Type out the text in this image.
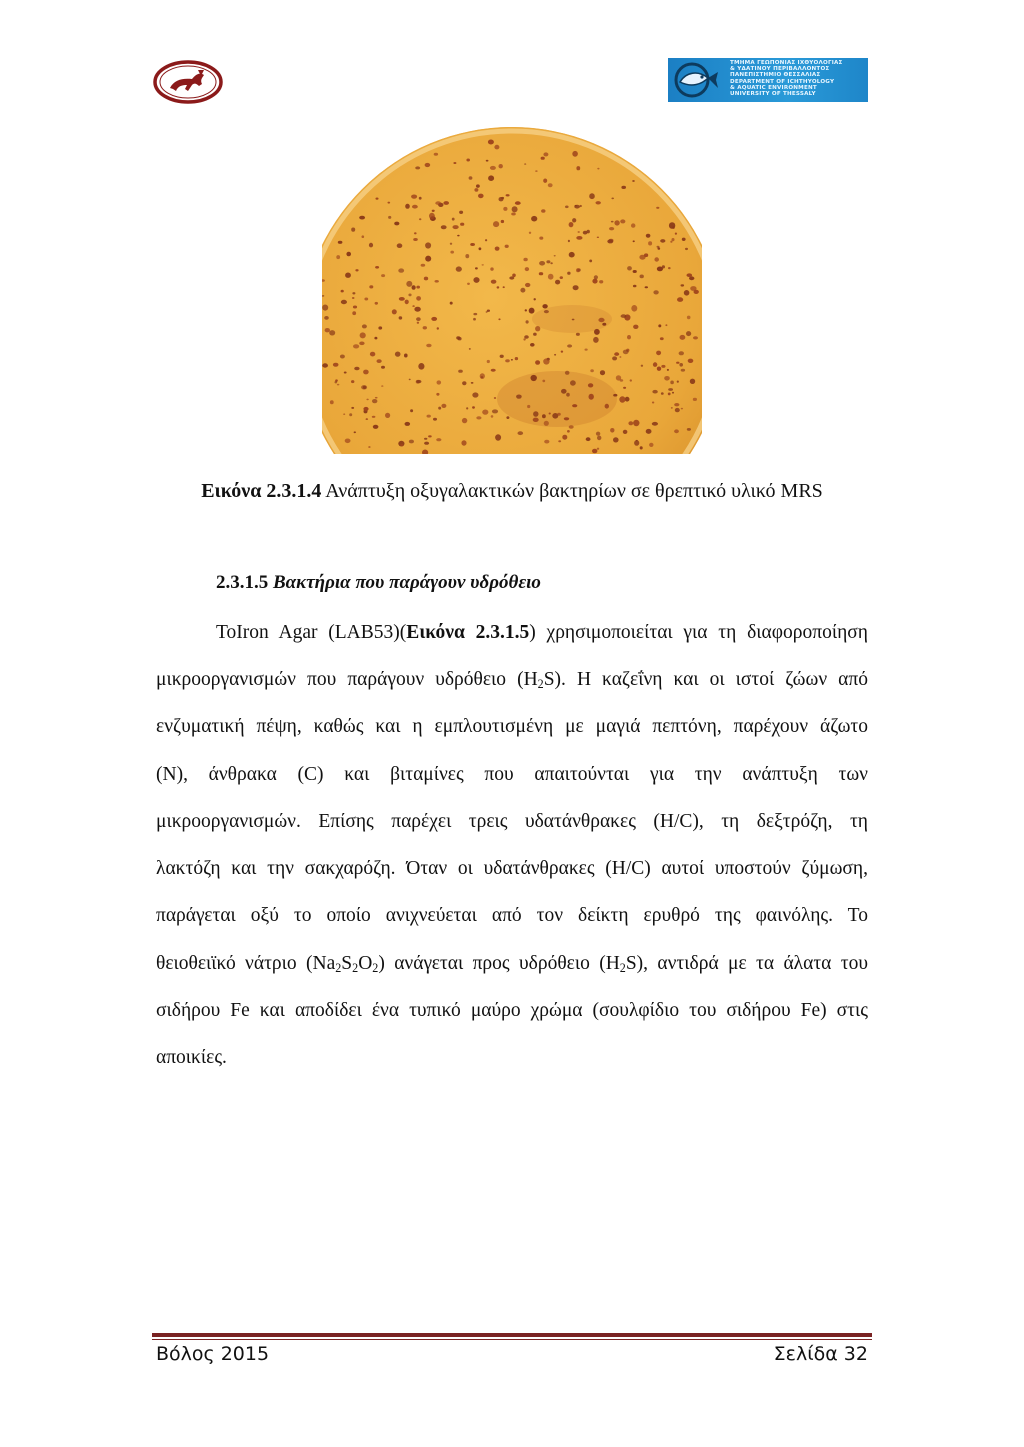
ΤΜΗΜΑ ΓΕΩΠΟΝΙΑΣ ΙΧΘΥΟΛΟΓΙΑΣ
& ΥΔΑΤΙΝΟΥ ΠΕΡΙΒΑΛΛΟΝΤΟΣ
ΠΑΝΕΠΙΣΤΗΜΙΟ ΘΕΣΣΑΛΙΑΣ
DEPARTMENT OF ICHTHYOLOGY
& AQUATIC ENVIRONMENT
UNIVERSITY OF THESSALY
Εικόνα 2.3.1.4 Ανάπτυξη οξυγαλακτικών βακτηρίων σε θρεπτικό υλικό MRS
2.3.1.5 Βακτήρια που παράγουν υδρόθειο
ToIron Agar (LAB53)(Εικόνα 2.3.1.5) χρησιμοποιείται για τη διαφοροποίηση
μικροοργανισμών που παράγουν υδρόθειο $(H_2S)$. Η καζεΐνη και οι ιστοί ζώων από
ενζυματική πέψη, καθώς και η εμπλουτισμένη με μαγιά πεπτόνη, παρέχουν άζωτο
(N), άνθρακα (C) και βιταμίνες που απαιτούνται για την ανάπτυξη των
μικροοργανισμών. Επίσης παρέχει τρεις υδατάνθρακες (H/C), τη δεξτρόζη, τη
λακτόζη και την σακχαρόζη. Όταν οι υδατάνθρακες (H/C) αυτοί υποστούν ζύμωση,
παράγεται οξύ το οποίο ανιχνεύεται από τον δείκτη ερυθρό της φαινόλης. Το
θειοθειϊκό νάτριο $(Na_2S_2O_2)$ ανάγεται προς υδρόθειο $(H_2S)$, αντιδρά με τα άλατα του
σιδήρου Fe και αποδίδει ένα τυπικό μαύρο χρώμα (σουλφίδιο του σιδήρου Fe) στις
αποικίες.
Βόλος 2015	Σελίδα 32
